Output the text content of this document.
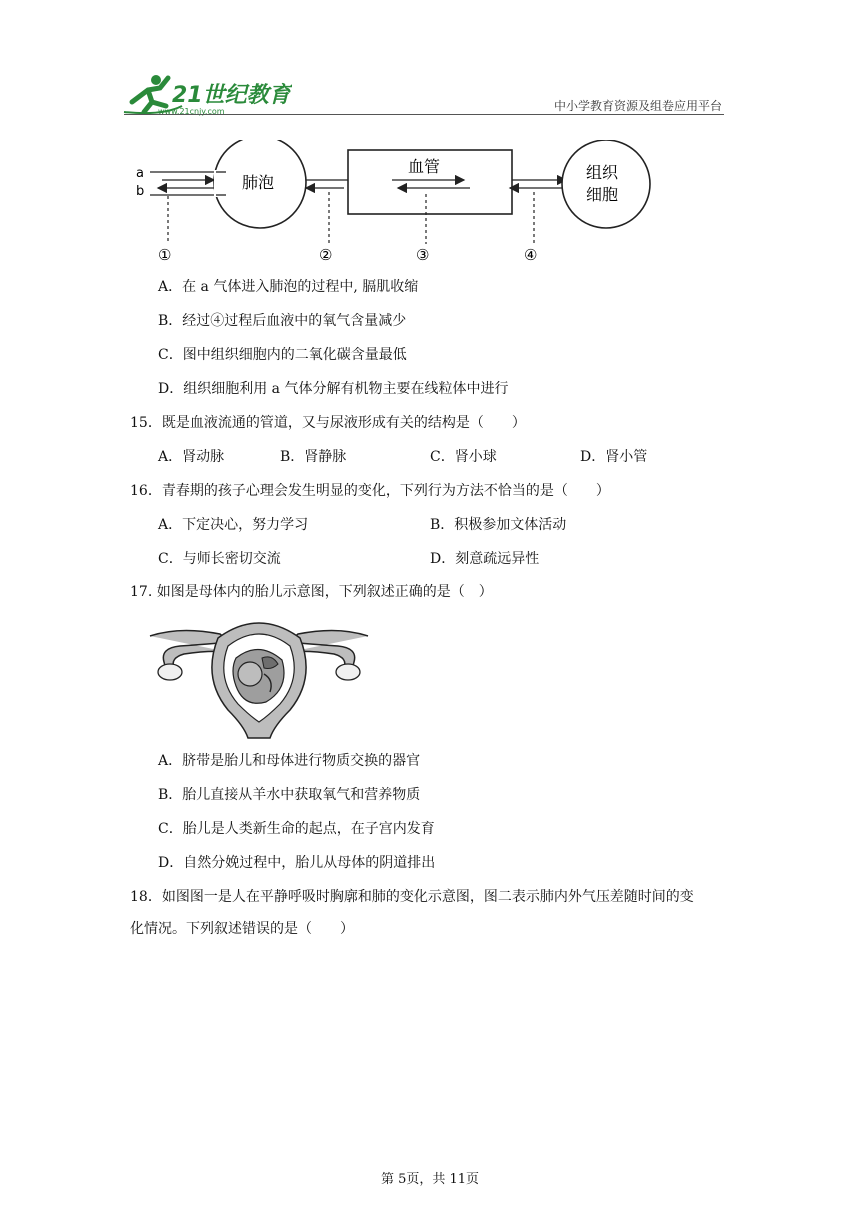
21世纪教育
www.21cnjy.com	中小学教育资源及组卷应用平台
a
b	肺泡
血管	组织
细胞
①	②	③	④
A．在 a 气体进入肺泡的过程中, 膈肌收缩
B．经过④过程后血液中的氧气含量减少
C．图中组织细胞内的二氧化碳含量最低
D．组织细胞利用 a 气体分解有机物主要在线粒体中进行
15．既是血液流通的管道，又与尿液形成有关的结构是（　　）
A．肾动脉	B．肾静脉	C．肾小球	D．肾小管
16．青春期的孩子心理会发生明显的变化，下列行为方法不恰当的是（　　）
A．下定决心，努力学习	B．积极参加文体活动
C．与师长密切交流	D．刻意疏远异性
17. 如图是母体内的胎儿示意图，下列叙述正确的是（　）
A．脐带是胎儿和母体进行物质交换的器官
B．胎儿直接从羊水中获取氧气和营养物质
C．胎儿是人类新生命的起点，在子宫内发育
D．自然分娩过程中，胎儿从母体的阴道排出
18．如图图一是人在平静呼吸时胸廓和肺的变化示意图，图二表示肺内外气压差随时间的变
化情况。下列叙述错误的是（　　）
第 5页，共 11页
